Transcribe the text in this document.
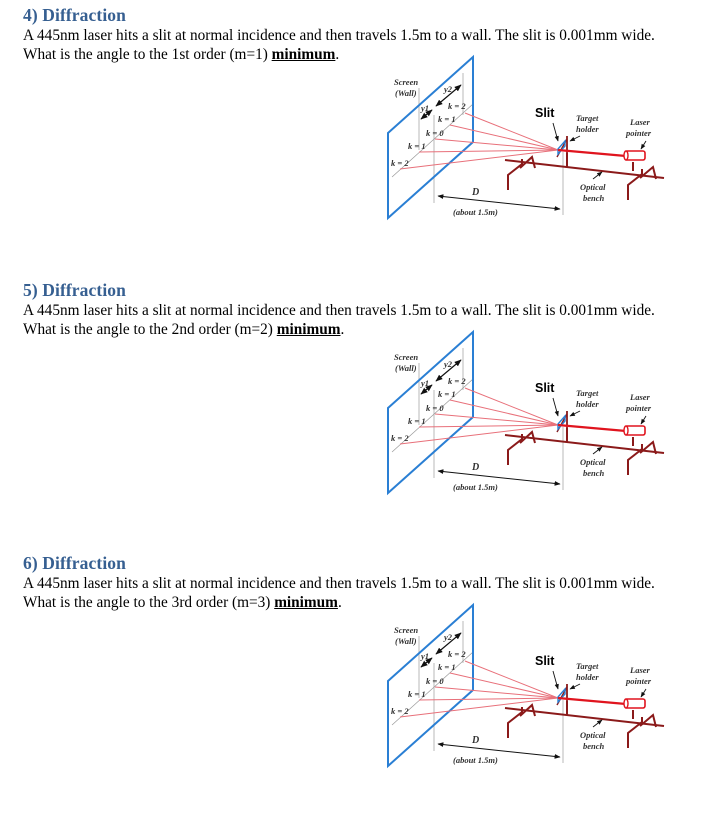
4) Diffraction
A 445nm laser hits a slit at normal incidence and then travels 1.5m to a wall. The slit is 0.001mm wide.
What is the angle to the 1st order (m=1) minimum.
Screen
(Wall)
y1
y2
k = 2
k = 1
k = 0
k = 1
k = 2
D
(about 1.5m)
Slit	Target
holder
Laser
pointer
Optical
bench
5) Diffraction
A 445nm laser hits a slit at normal incidence and then travels 1.5m to a wall. The slit is 0.001mm wide.
What is the angle to the 2nd order (m=2) minimum.
Screen
(Wall)
y1
y2
k = 2
k = 1
k = 0
k = 1
k = 2
D
(about 1.5m)
Slit	Target
holder
Laser
pointer
Optical
bench
6) Diffraction
A 445nm laser hits a slit at normal incidence and then travels 1.5m to a wall. The slit is 0.001mm wide.
What is the angle to the 3rd order (m=3) minimum.
Screen
(Wall)
y1
y2
k = 2
k = 1
k = 0
k = 1
k = 2
D
(about 1.5m)
Slit	Target
holder
Laser
pointer
Optical
bench
